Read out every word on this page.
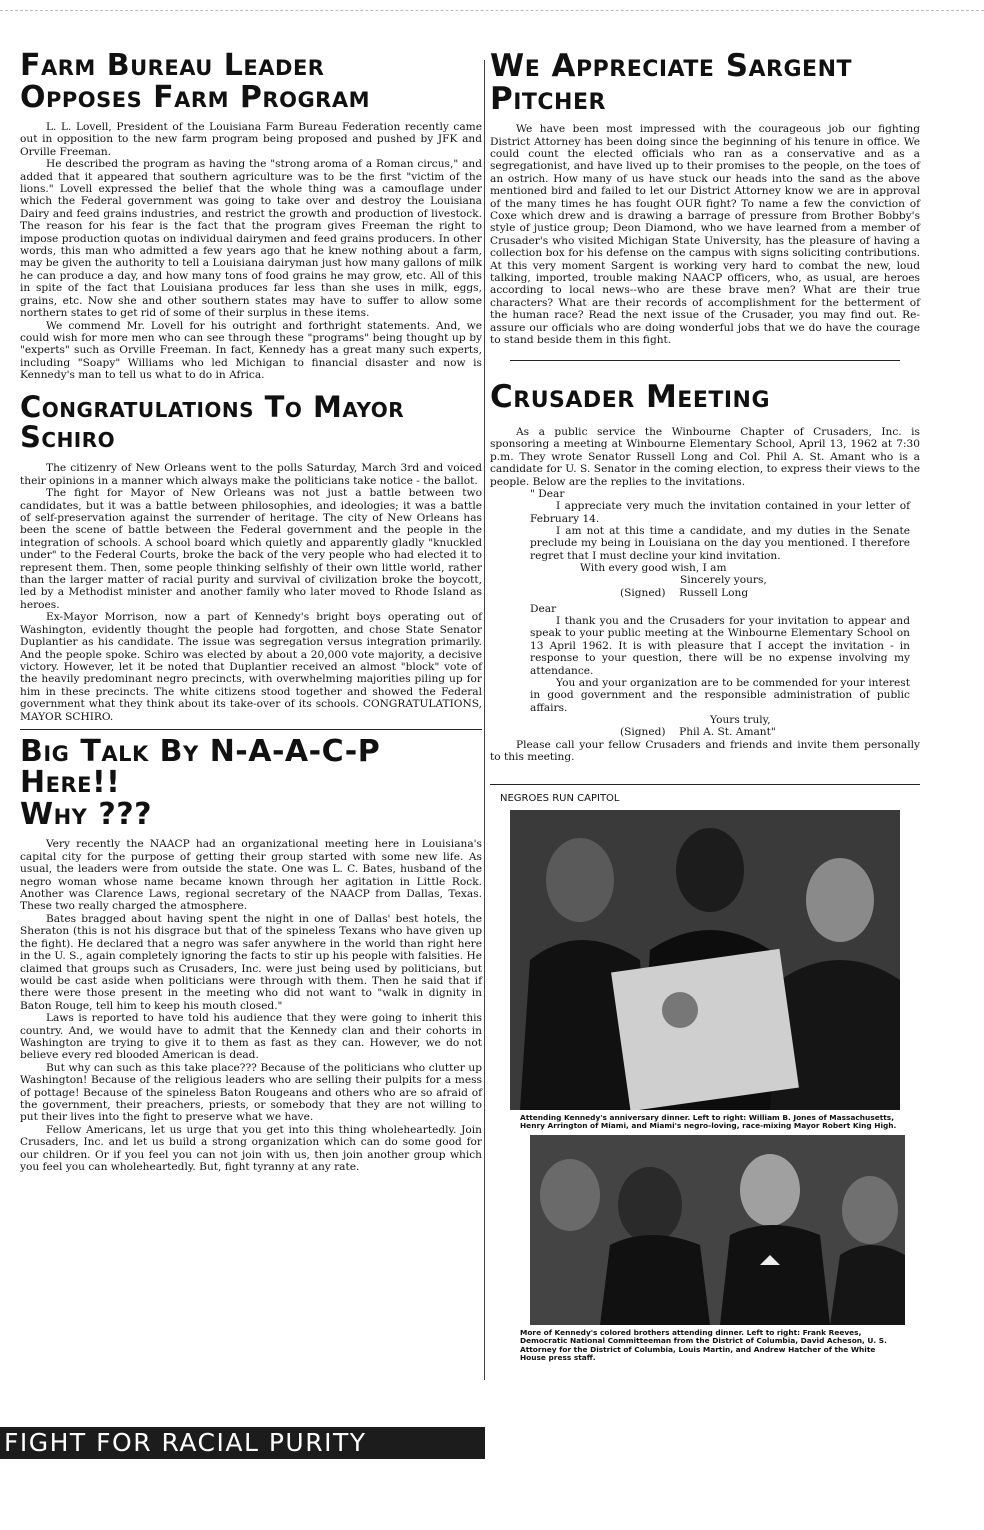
Farm Bureau Leader
Opposes Farm Program

L. L. Lovell, President of the Louisiana Farm Bureau Federation recently came out in opposition to the new farm program being proposed and pushed by JFK and Orville Freeman.

He described the program as having the "strong aroma of a Roman circus," and added that it appeared that southern agriculture was to be the first "victim of the lions." Lovell expressed the belief that the whole thing was a camouflage under which the Federal government was going to take over and destroy the Louisiana Dairy and feed grains industries, and restrict the growth and production of livestock. The reason for his fear is the fact that the program gives Freeman the right to impose production quotas on individual dairymen and feed grains producers. In other words, this man who admitted a few years ago that he knew nothing about a farm, may be given the authority to tell a Louisiana dairyman just how many gallons of milk he can produce a day, and how many tons of food grains he may grow, etc. All of this in spite of the fact that Louisiana produces far less than she uses in milk, eggs, grains, etc. Now she and other southern states may have to suffer to allow some northern states to get rid of some of their surplus in these items.

We commend Mr. Lovell for his outright and forthright statements. And, we could wish for more men who can see through these "programs" being thought up by "experts" such as Orville Freeman. In fact, Kennedy has a great many such experts, including "Soapy" Williams who led Michigan to financial disaster and now is Kennedy's man to tell us what to do in Africa.

Congratulations To Mayor Schiro

The citizenry of New Orleans went to the polls Saturday, March 3rd and voiced their opinions in a manner which always make the politicians take notice - the ballot.

The fight for Mayor of New Orleans was not just a battle between two candidates, but it was a battle between philosophies, and ideologies; it was a battle of self-preservation against the surrender of heritage. The city of New Orleans has been the scene of battle between the Federal government and the people in the integration of schools. A school board which quietly and apparently gladly "knuckled under" to the Federal Courts, broke the back of the very people who had elected it to represent them. Then, some people thinking selfishly of their own little world, rather than the larger matter of racial purity and survival of civilization broke the boycott, led by a Methodist minister and another family who later moved to Rhode Island as heroes.

Ex-Mayor Morrison, now a part of Kennedy's bright boys operating out of Washington, evidently thought the people had forgotten, and chose State Senator Duplantier as his candidate. The issue was segregation versus integration primarily. And the people spoke. Schiro was elected by about a 20,000 vote majority, a decisive victory. However, let it be noted that Duplantier received an almost "block" vote of the heavily predominant negro precincts, with overwhelming majorities piling up for him in these precincts. The white citizens stood together and showed the Federal government what they think about its take-over of its schools. CONGRATULATIONS, MAYOR SCHIRO.

Big Talk By N-A-A-C-P Here!!
Why ???

Very recently the NAACP had an organizational meeting here in Louisiana's capital city for the purpose of getting their group started with some new life. As usual, the leaders were from outside the state. One was L. C. Bates, husband of the negro woman whose name became known through her agitation in Little Rock. Another was Clarence Laws, regional secretary of the NAACP from Dallas, Texas. These two really charged the atmosphere.

Bates bragged about having spent the night in one of Dallas' best hotels, the Sheraton (this is not his disgrace but that of the spineless Texans who have given up the fight). He declared that a negro was safer anywhere in the world than right here in the U. S., again completely ignoring the facts to stir up his people with falsities. He claimed that groups such as Crusaders, Inc. were just being used by politicians, but would be cast aside when politicians were through with them. Then he said that if there were those present in the meeting who did not want to "walk in dignity in Baton Rouge, tell him to keep his mouth closed."

Laws is reported to have told his audience that they were going to inherit this country. And, we would have to admit that the Kennedy clan and their cohorts in Washington are trying to give it to them as fast as they can. However, we do not believe every red blooded American is dead.

But why can such as this take place??? Because of the politicians who clutter up Washington! Because of the religious leaders who are selling their pulpits for a mess of pottage! Because of the spineless Baton Rougeans and others who are so afraid of the government, their preachers, priests, or somebody that they are not willing to put their lives into the fight to preserve what we have.

Fellow Americans, let us urge that you get into this thing wholeheartedly. Join Crusaders, Inc. and let us build a strong organization which can do some good for our children. Or if you feel you can not join with us, then join another group which you feel you can wholeheartedly. But, fight tyranny at any rate.

We Appreciate Sargent Pitcher

We have been most impressed with the courageous job our fighting District Attorney has been doing since the beginning of his tenure in office. We could count the elected officials who ran as a conservative and as a segregationist, and have lived up to their promises to the people, on the toes of an ostrich. How many of us have stuck our heads into the sand as the above mentioned bird and failed to let our District Attorney know we are in approval of the many times he has fought OUR fight? To name a few the conviction of Coxe which drew and is drawing a barrage of pressure from Brother Bobby's style of justice group; Deon Diamond, who we have learned from a member of Crusader's who visited Michigan State University, has the pleasure of having a collection box for his defense on the campus with signs soliciting contributions. At this very moment Sargent is working very hard to combat the new, loud talking, imported, trouble making NAACP officers, who, as usual, are heroes according to local news--who are these brave men? What are their true characters? What are their records of accomplishment for the betterment of the human race? Read the next issue of the Crusader, you may find out. Re-assure our officials who are doing wonderful jobs that we do have the courage to stand beside them in this fight.

Crusader Meeting

As a public service the Winbourne Chapter of Crusaders, Inc. is sponsoring a meeting at Winbourne Elementary School, April 13, 1962 at 7:30 p.m. They wrote Senator Russell Long and Col. Phil A. St. Amant who is a candidate for U. S. Senator in the coming election, to express their views to the people. Below are the replies to the invitations.

" Dear

I appreciate very much the invitation contained in your letter of February 14.

I am not at this time a candidate, and my duties in the Senate preclude my being in Louisiana on the day you mentioned. I therefore regret that I must decline your kind invitation.

With every good wish, I am
Sincerely yours,
(Signed) Russell Long
Dear

I thank you and the Crusaders for your invitation to appear and speak to your public meeting at the Winbourne Elementary School on 13 April 1962. It is with pleasure that I accept the invitation - in response to your question, there will be no expense involving my attendance.

You and your organization are to be commended for your interest in good government and the responsible administration of public affairs.

Yours truly,
(Signed) Phil A. St. Amant"

Please call your fellow Crusaders and friends and invite them personally to this meeting.

NEGROES RUN CAPITOL
Attending Kennedy's anniversary dinner. Left to right: William B. Jones of Massachusetts, Henry Arrington of Miami, and Miami's negro-loving, race-mixing Mayor Robert King High.
More of Kennedy's colored brothers attending dinner. Left to right: Frank Reeves, Democratic National Committeeman from the District of Columbia, David Acheson, U. S. Attorney for the District of Columbia, Louis Martin, and Andrew Hatcher of the White House press staff.
FIGHT FOR RACIAL PURITY
